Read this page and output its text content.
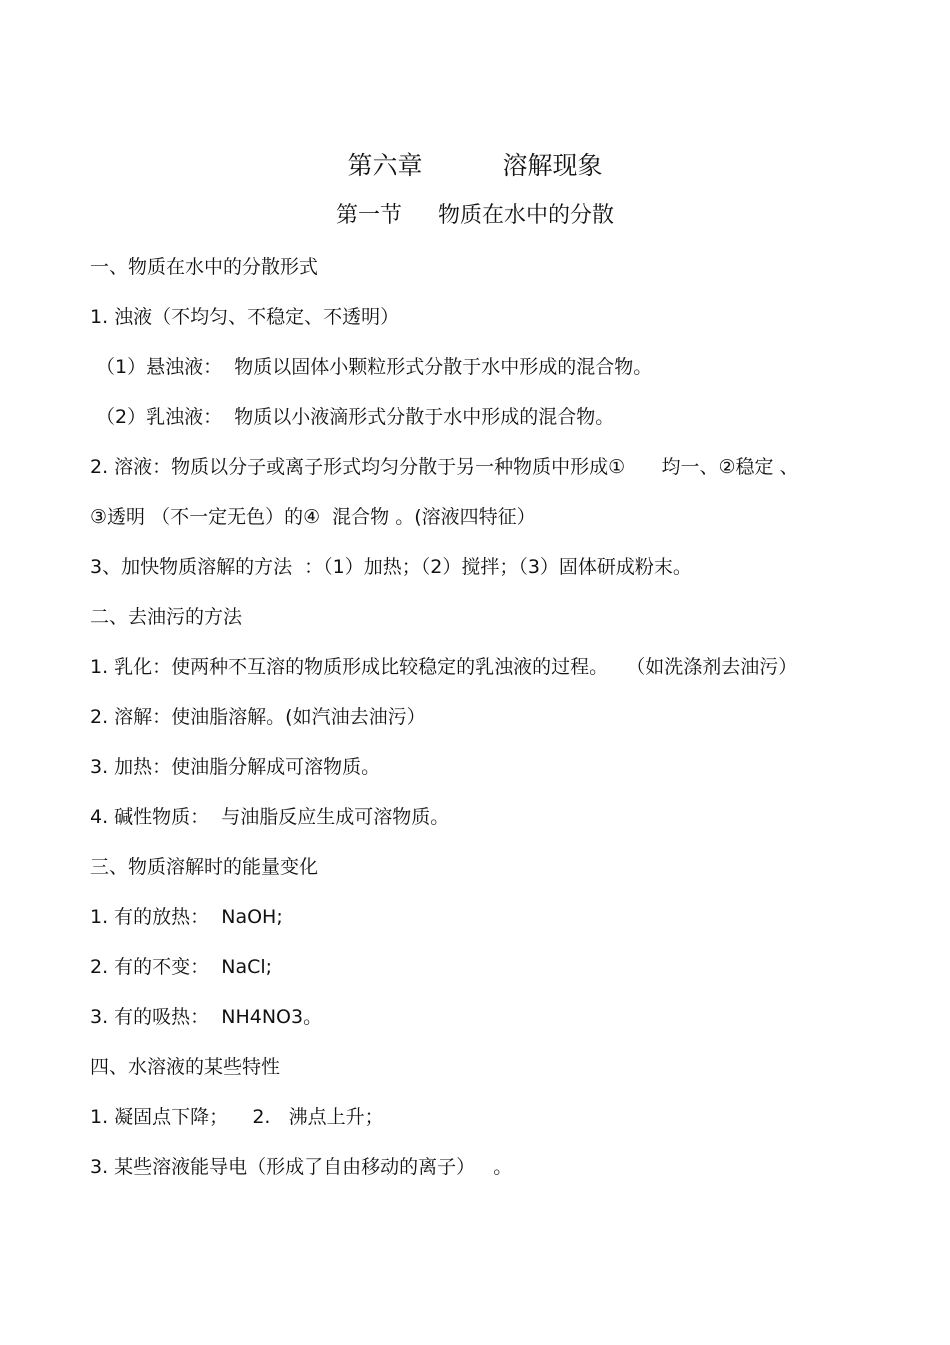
第六章	溶解现象
第一节 物质在水中的分散
一、物质在水中的分散形式
1. 浊液（不均匀、不稳定、不透明）
（1）悬浊液：  物质以固体小颗粒形式分散于水中形成的混合物。
（2）乳浊液：  物质以小液滴形式分散于水中形成的混合物。
2. 溶液：物质以分子或离子形式均匀分散于另一种物质中形成①      均一、②稳定 、
③透明 （不一定无色）的④  混合物 。(溶液四特征）
3、加快物质溶解的方法  ：（1）加热；（2）搅拌；（3）固体研成粉末。
二、去油污的方法
1. 乳化：使两种不互溶的物质形成比较稳定的乳浊液的过程。   （如洗涤剂去油污）
2. 溶解：使油脂溶解。(如汽油去油污）
3. 加热：使油脂分解成可溶物质。
4. 碱性物质：  与油脂反应生成可溶物质。
三、物质溶解时的能量变化
1. 有的放热：  NaOH;
2. 有的不变：  NaCl;
3. 有的吸热：  NH4NO3。
四、水溶液的某些特性
1. 凝固点下降；    2.   沸点上升；
3. 某些溶液能导电（形成了自由移动的离子）   。
